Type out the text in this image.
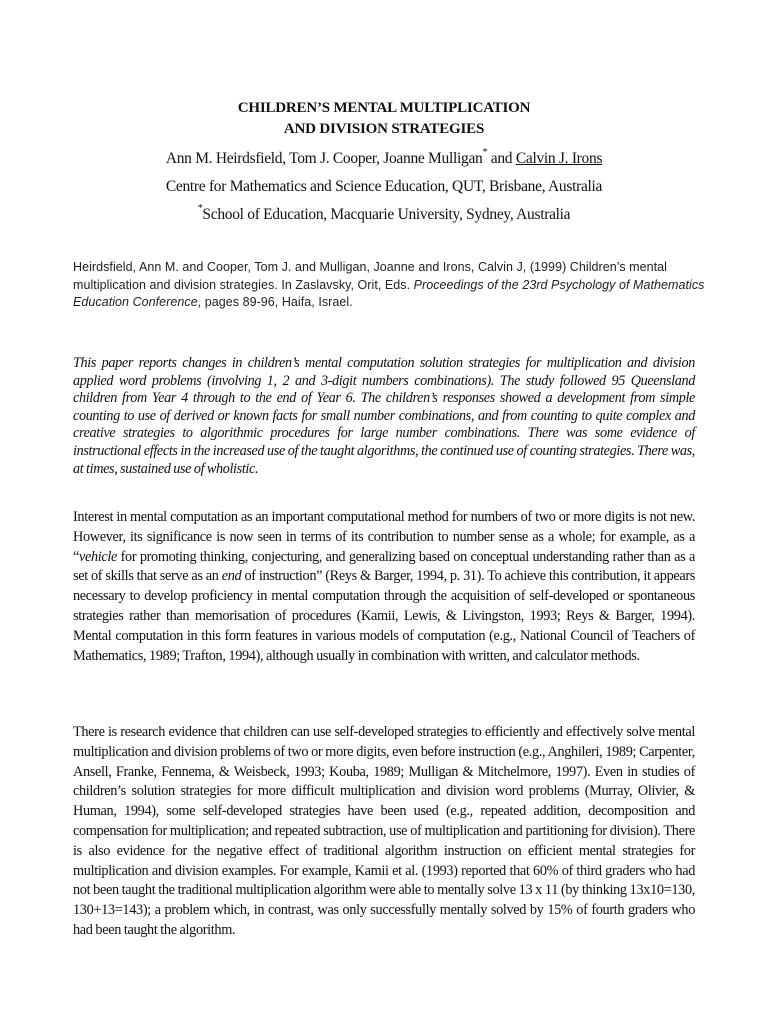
CHILDREN’S MENTAL MULTIPLICATION
AND DIVISION STRATEGIES
Ann M. Heirdsfield, Tom J. Cooper, Joanne Mulligan* and Calvin J. Irons
Centre for Mathematics and Science Education, QUT, Brisbane, Australia
*School of Education, Macquarie University, Sydney, Australia
Heirdsfield, Ann M. and Cooper, Tom J. and Mulligan, Joanne and Irons, Calvin J, (1999) Children’s mental multiplication and division strategies. In Zaslavsky, Orit, Eds. Proceedings of the 23rd Psychology of Mathematics Education Conference, pages 89-96, Haifa, Israel.
This paper reports changes in children’s mental computation solution strategies for multiplication and division applied word problems (involving 1, 2 and 3-digit numbers combinations). The study followed 95 Queensland children from Year 4 through to the end of Year 6. The children’s responses showed a development from simple counting to use of derived or known facts for small number combinations, and from counting to quite complex and creative strategies to algorithmic procedures for large number combinations. There was some evidence of instructional effects in the increased use of the taught algorithms, the continued use of counting strategies. There was, at times, sustained use of wholistic.
Interest in mental computation as an important computational method for numbers of two or more digits is not new. However, its significance is now seen in terms of its contribution to number sense as a whole; for example, as a “vehicle for promoting thinking, conjecturing, and generalizing based on conceptual understanding rather than as a set of skills that serve as an end of instruction” (Reys & Barger, 1994, p. 31). To achieve this contribution, it appears necessary to develop proficiency in mental computation through the acquisition of self-developed or spontaneous strategies rather than memorisation of procedures (Kamii, Lewis, & Livingston, 1993; Reys & Barger, 1994). Mental computation in this form features in various models of computation (e.g., National Council of Teachers of Mathematics, 1989; Trafton, 1994), although usually in combination with written, and calculator methods.
There is research evidence that children can use self-developed strategies to efficiently and effectively solve mental multiplication and division problems of two or more digits, even before instruction (e.g., Anghileri, 1989; Carpenter, Ansell, Franke, Fennema, & Weisbeck, 1993; Kouba, 1989; Mulligan & Mitchelmore, 1997). Even in studies of children’s solution strategies for more difficult multiplication and division word problems (Murray, Olivier, & Human, 1994), some self-developed strategies have been used (e.g., repeated addition, decomposition and compensation for multiplication; and repeated subtraction, use of multiplication and partitioning for division). There is also evidence for the negative effect of traditional algorithm instruction on efficient mental strategies for multiplication and division examples. For example, Kamii et al. (1993) reported that 60% of third graders who had not been taught the traditional multiplication algorithm were able to mentally solve 13 x 11 (by thinking 13x10=130, 130+13=143); a problem which, in contrast, was only successfully mentally solved by 15% of fourth graders who had been taught the algorithm.
